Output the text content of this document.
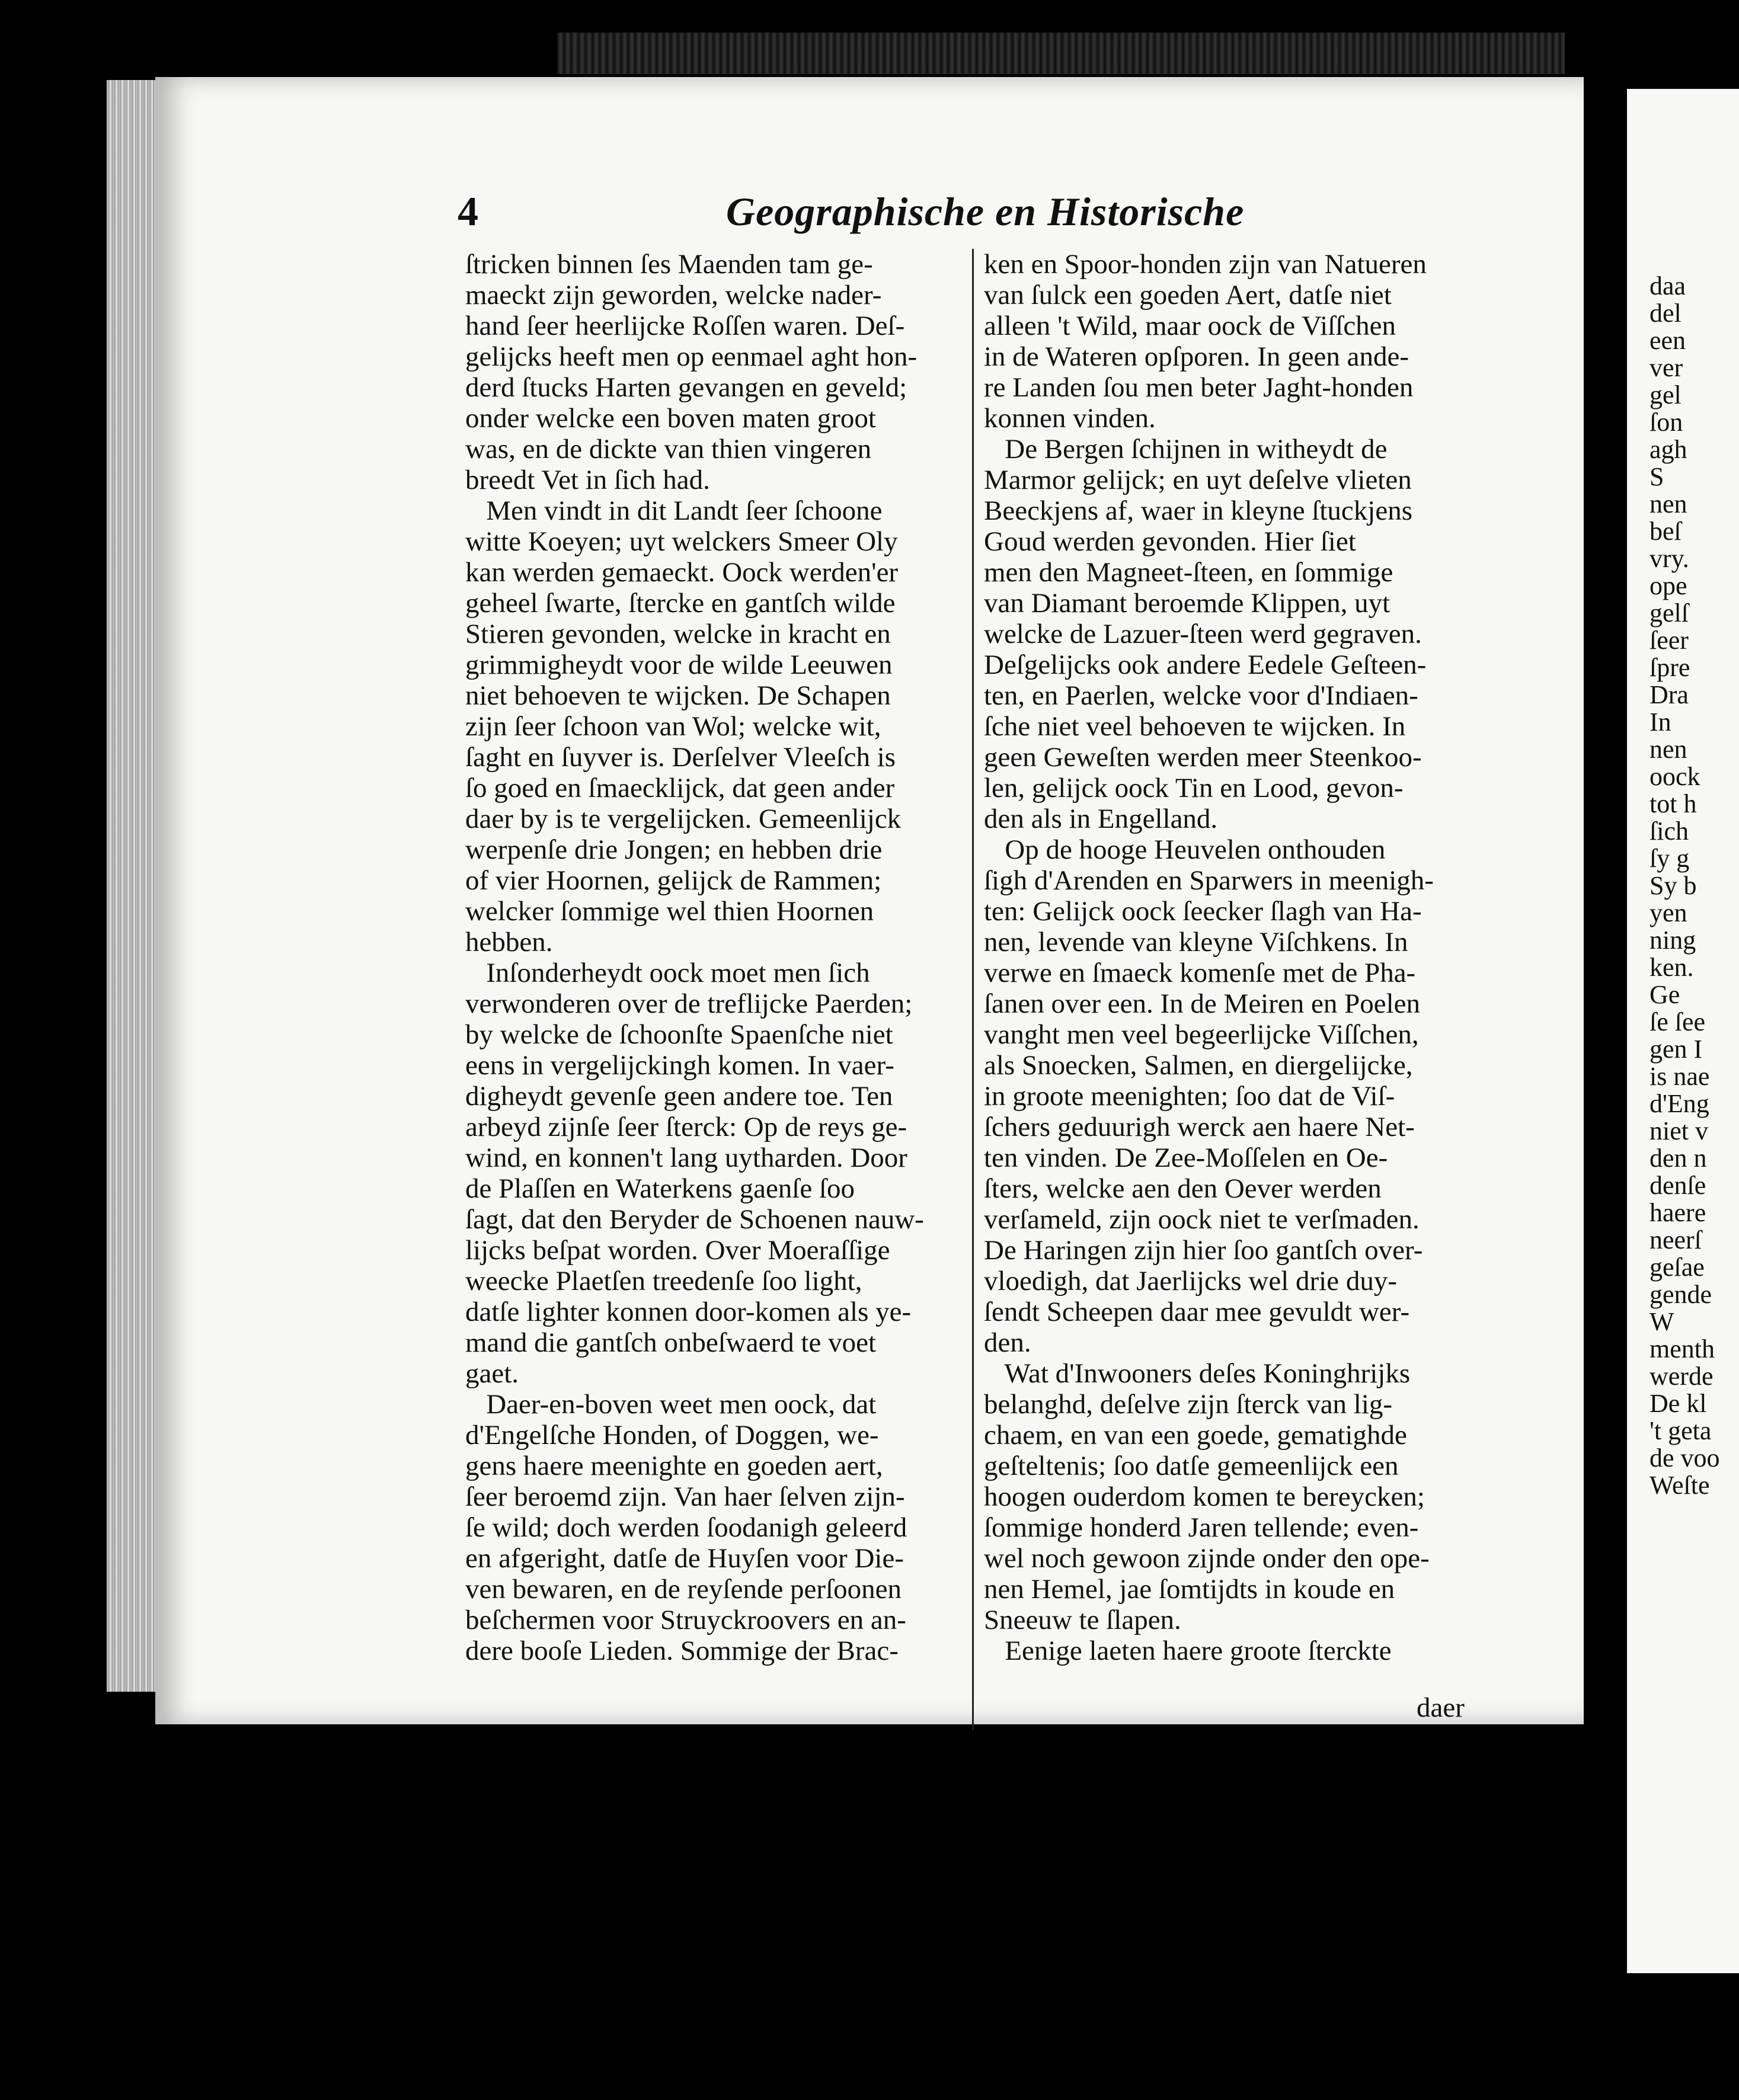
4	Geographische en Historische
ſtricken binnen ſes Maenden tam ge-
maeckt zijn geworden, welcke nader-
hand ſeer heerlijcke Roſſen waren. Deſ-
gelijcks heeft men op eenmael aght hon-
derd ſtucks Harten gevangen en geveld;
onder welcke een boven maten groot
was, en de dickte van thien vingeren
breedt Vet in ſich had.
Men vindt in dit Landt ſeer ſchoone
witte Koeyen; uyt welckers Smeer Oly
kan werden gemaeckt. Oock werden'er
geheel ſwarte, ſtercke en gantſch wilde
Stieren gevonden, welcke in kracht en
grimmigheydt voor de wilde Leeuwen
niet behoeven te wijcken. De Schapen
zijn ſeer ſchoon van Wol; welcke wit,
ſaght en ſuyver is. Derſelver Vleeſch is
ſo goed en ſmaecklijck, dat geen ander
daer by is te vergelijcken. Gemeenlijck
werpenſe drie Jongen; en hebben drie
of vier Hoornen, gelijck de Rammen;
welcker ſommige wel thien Hoornen
hebben.
Inſonderheydt oock moet men ſich
verwonderen over de treflijcke Paerden;
by welcke de ſchoonſte Spaenſche niet
eens in vergelijckingh komen. In vaer-
digheydt gevenſe geen andere toe. Ten
arbeyd zijnſe ſeer ſterck: Op de reys ge-
wind, en konnen't lang uytharden. Door
de Plaſſen en Waterkens gaenſe ſoo
ſagt, dat den Beryder de Schoenen nauw-
lijcks beſpat worden. Over Moeraſſige
weecke Plaetſen treedenſe ſoo light,
datſe lighter konnen door-komen als ye-
mand die gantſch onbeſwaerd te voet
gaet.
Daer-en-boven weet men oock, dat
d'Engelſche Honden, of Doggen, we-
gens haere meenighte en goeden aert,
ſeer beroemd zijn. Van haer ſelven zijn-
ſe wild; doch werden ſoodanigh geleerd
en afgeright, datſe de Huyſen voor Die-
ven bewaren, en de reyſende perſoonen
beſchermen voor Struyckroovers en an-
dere booſe Lieden. Sommige der Brac-
ken en Spoor-honden zijn van Natueren
van ſulck een goeden Aert, datſe niet
alleen 't Wild, maar oock de Viſſchen
in de Wateren opſporen. In geen ande-
re Landen ſou men beter Jaght-honden
konnen vinden.
De Bergen ſchijnen in witheydt de
Marmor gelijck; en uyt deſelve vlieten
Beeckjens af, waer in kleyne ſtuckjens
Goud werden gevonden. Hier ſiet
men den Magneet-ſteen, en ſommige
van Diamant beroemde Klippen, uyt
welcke de Lazuer-ſteen werd gegraven.
Deſgelijcks ook andere Eedele Geſteen-
ten, en Paerlen, welcke voor d'Indiaen-
ſche niet veel behoeven te wijcken. In
geen Geweſten werden meer Steenkoo-
len, gelijck oock Tin en Lood, gevon-
den als in Engelland.
Op de hooge Heuvelen onthouden
ſigh d'Arenden en Sparwers in meenigh-
ten: Gelijck oock ſeecker ſlagh van Ha-
nen, levende van kleyne Viſchkens. In
verwe en ſmaeck komenſe met de Pha-
ſanen over een. In de Meiren en Poelen
vanght men veel begeerlijcke Viſſchen,
als Snoecken, Salmen, en diergelijcke,
in groote meenighten; ſoo dat de Viſ-
ſchers geduurigh werck aen haere Net-
ten vinden. De Zee-Moſſelen en Oe-
ſters, welcke aen den Oever werden
verſameld, zijn oock niet te verſmaden.
De Haringen zijn hier ſoo gantſch over-
vloedigh, dat Jaerlijcks wel drie duy-
ſendt Scheepen daar mee gevuldt wer-
den.
Wat d'Inwooners deſes Koninghrijks
belanghd, deſelve zijn ſterck van lig-
chaem, en van een goede, gematighde
geſteltenis; ſoo datſe gemeenlijck een
hoogen ouderdom komen te bereycken;
ſommige honderd Jaren tellende; even-
wel noch gewoon zijnde onder den ope-
nen Hemel, jae ſomtijdts in koude en
Sneeuw te ſlapen.
Eenige laeten haere groote ſterckte
daer
daa
del
een
ver
gel
ſon
agh
S
nen
beſ
vry.
ope
gelſ
ſeer
ſpre
Dra
In
nen
oock
tot h
ſich
ſy g
Sy b
yen
ning
ken.
Ge
ſe ſee
gen I
is nae
d'Eng
niet v
den n
denſe
haere
neerſ
geſae
gende
W
menth
werde
De kl
't geta
de voo
Weſte
